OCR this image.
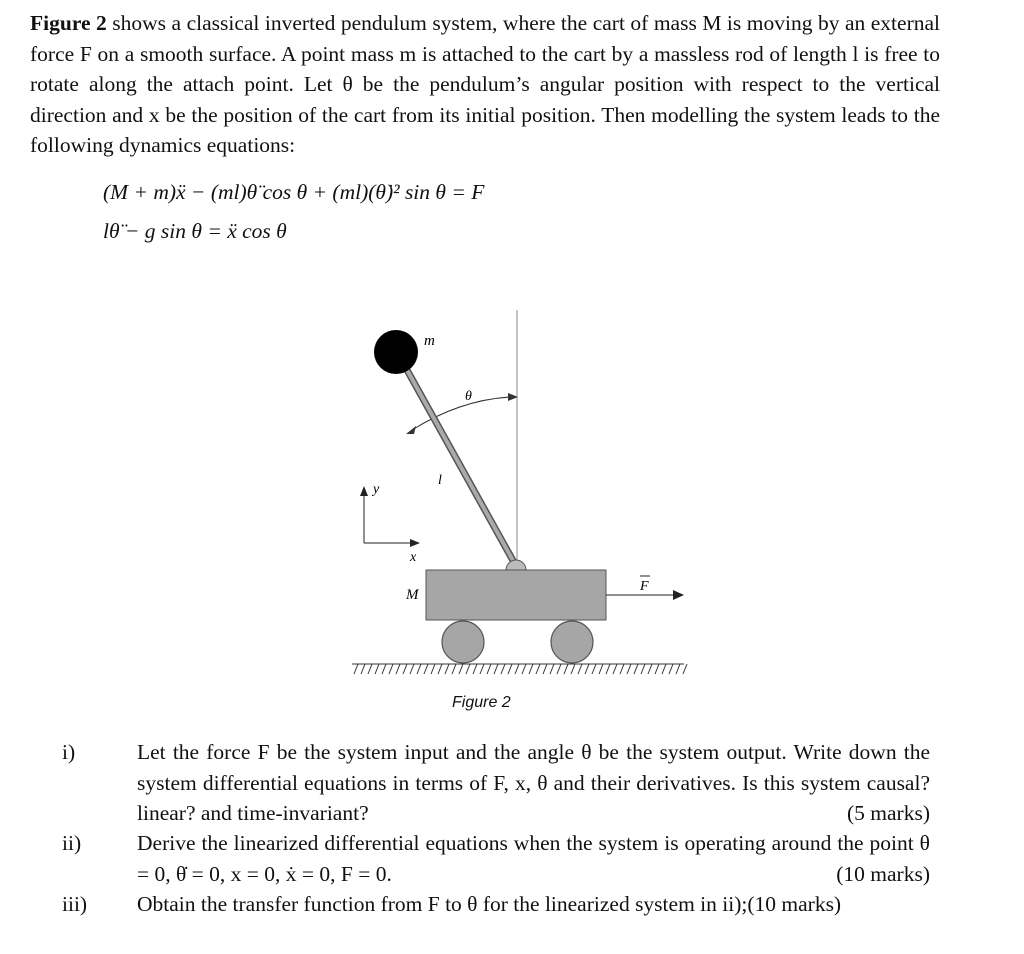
Figure 2 shows a classical inverted pendulum system, where the cart of mass M is moving by an external force F on a smooth surface. A point mass m is attached to the cart by a massless rod of length l is free to rotate along the attach point. Let θ be the pendulum’s angular position with respect to the vertical direction and x be the position of the cart from its initial position. Then modelling the system leads to the following dynamics equations:

(M + m)ẍ − (ml)θ̈ cos θ + (ml)(θ̇)² sin θ = F
lθ̈ − g sin θ = ẍ cos θ
m
θ
l
y
x
M
F
Figure 2
i)	Let the force F be the system input and the angle θ be the system output. Write down the system differential equations in terms of F, x, θ and their derivatives. Is this system causal? linear? and time-invariant?	(5 marks)

ii)	Derive the linearized differential equations when the system is operating around the point θ = 0, θ̇ = 0, x = 0, ẋ = 0, F = 0.	(10 marks)

iii) Obtain the transfer function from F to θ for the linearized system in ii);(10 marks)
